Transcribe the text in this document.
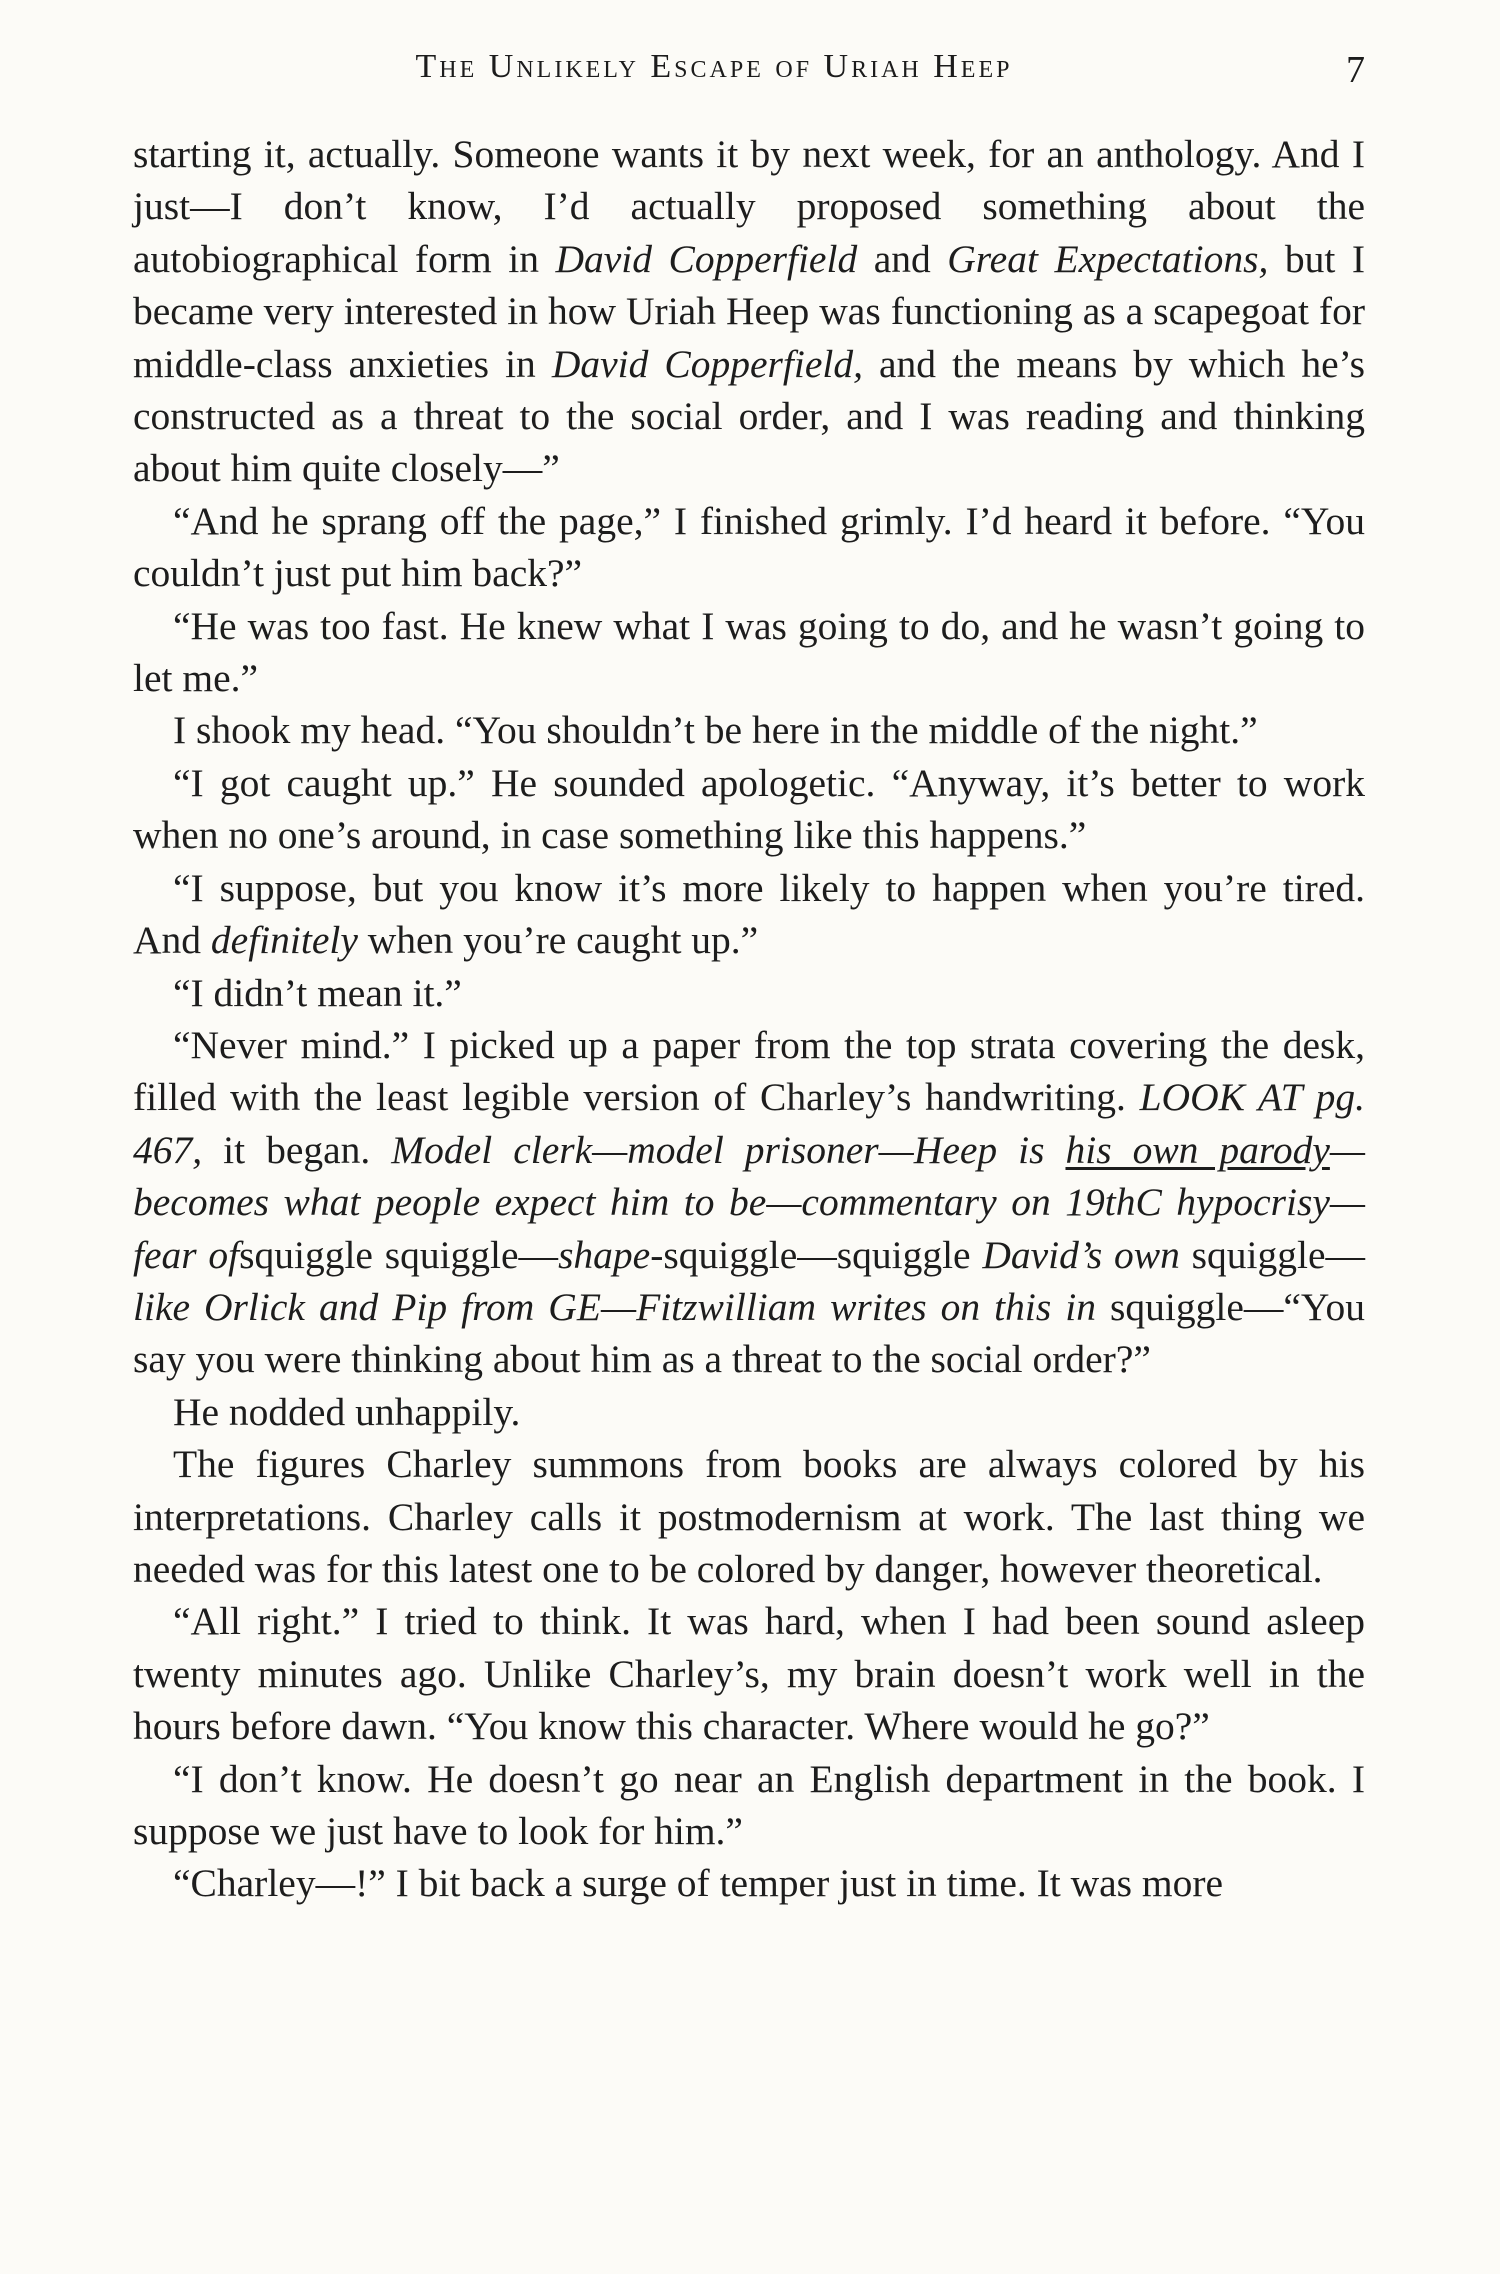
The Unlikely Escape of Uriah Heep	7

starting it, actually. Someone wants it by next week, for an anthology. And I just—I don’t know, I’d actually proposed something about the autobiographical form in David Copperfield and Great Expectations, but I became very interested in how Uriah Heep was functioning as a scapegoat for middle-class anxieties in David Copperfield, and the means by which he’s constructed as a threat to the social order, and I was reading and thinking about him quite closely—”

“And he sprang off the page,” I finished grimly. I’d heard it before. “You couldn’t just put him back?”

“He was too fast. He knew what I was going to do, and he wasn’t going to let me.”

I shook my head. “You shouldn’t be here in the middle of the night.”

“I got caught up.” He sounded apologetic. “Anyway, it’s better to work when no one’s around, in case something like this happens.”

“I suppose, but you know it’s more likely to happen when you’re tired. And definitely when you’re caught up.”

“I didn’t mean it.”

“Never mind.” I picked up a paper from the top strata covering the desk, filled with the least legible version of Charley’s handwriting. LOOK AT pg. 467, it began. Model clerk—model prisoner—Heep is his own parody—becomes what people expect him to be—commentary on 19thC hypocrisy—fear ofsquiggle squiggle—shape-squiggle—squiggle David’s own squiggle—like Orlick and Pip from GE—Fitzwilliam writes on this in squiggle—“You say you were thinking about him as a threat to the social order?”

He nodded unhappily.

The figures Charley summons from books are always colored by his interpretations. Charley calls it postmodernism at work. The last thing we needed was for this latest one to be colored by danger, however theoretical.

“All right.” I tried to think. It was hard, when I had been sound asleep twenty minutes ago. Unlike Charley’s, my brain doesn’t work well in the hours before dawn. “You know this character. Where would he go?”

“I don’t know. He doesn’t go near an English department in the book. I suppose we just have to look for him.”

“Charley—!” I bit back a surge of temper just in time. It was more
